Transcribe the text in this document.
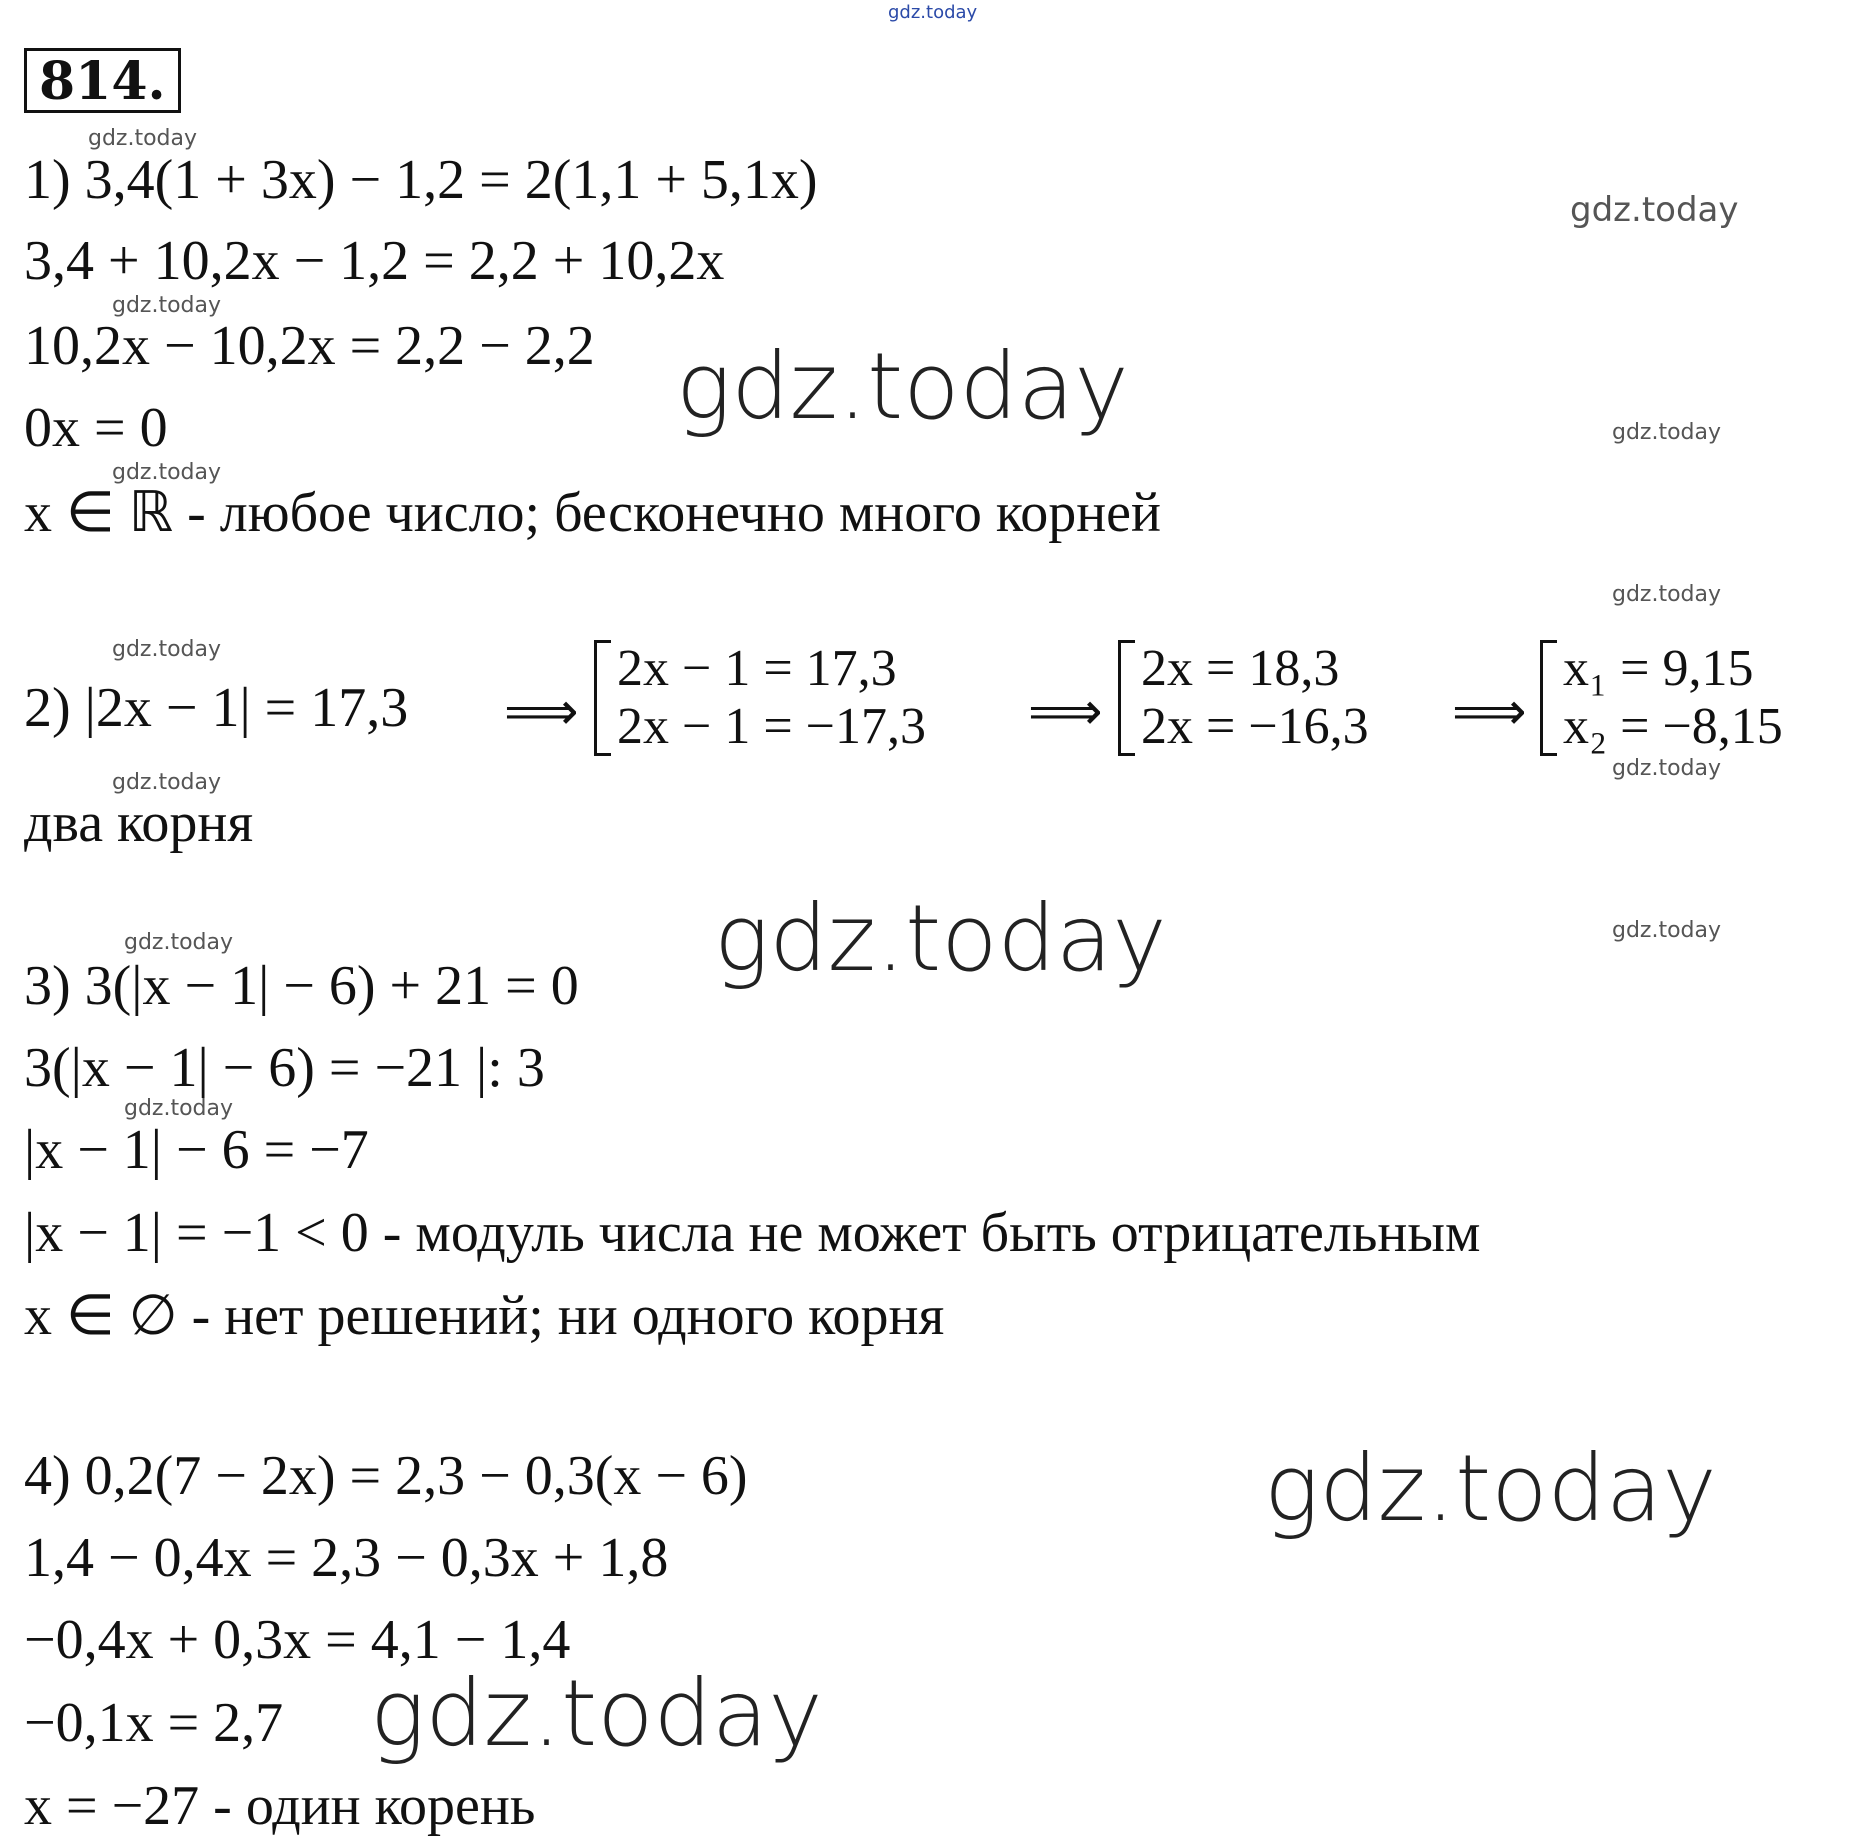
gdz.today
814.
gdz.today
1) 3,4(1 + 3x) − 1,2 = 2(1,1 + 5,1x)	gdz.today
3,4 + 10,2x − 1,2 = 2,2 + 10,2x
gdz.today
10,2x − 10,2x = 2,2 − 2,2 gdz.today
0x = 0	gdz.today
gdz.today
x ∈ ℝ - любое число; бесконечно много корней
gdz.today
gdz.today
2) |2x − 1| = 17,3 ⟹
2x − 1 = 17,3
2x − 1 = −17,3 ⟹
2x = 18,3
2x = −16,3 ⟹
x₁ = 9,15
x₂ = −8,15
gdz.today
gdz.today
два корня
gdz.today	gdz.today
gdz.today
3) 3(|x − 1| − 6) + 21 = 0
3(|x − 1| − 6) = −21 |: 3
gdz.today
|x − 1| − 6 = −7
|x − 1| = −1 < 0 - модуль числа не может быть отрицательным
x ∈ ∅ - нет решений; ни одного корня
4) 0,2(7 − 2x) = 2,3 − 0,3(x − 6)	gdz.today
1,4 − 0,4x = 2,3 − 0,3x + 1,8
−0,4x + 0,3x = 4,1 − 1,4
−0,1x = 2,7 gdz.today
x = −27 - один корень
